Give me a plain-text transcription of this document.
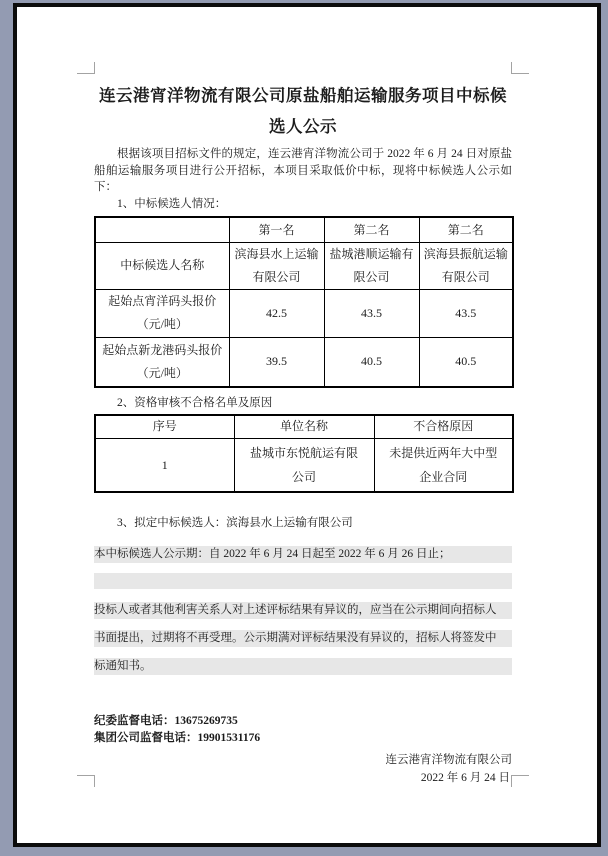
连云港宵洋物流有限公司原盐船舶运输服务项目中标候选人公示

根据该项目招标文件的规定，连云港宵洋物流公司于 2022 年 6 月 24 日对原盐船舶运输服务项目进行公开招标，本项目采取低价中标，现将中标候选人公示如下：

1、中标候选人情况：

	第一名	第二名	第二名
中标候选人名称	滨海县水上运输有限公司	盐城港顺运输有限公司	滨海县振航运输有限公司
起始点宵洋码头报价（元/吨）	42.5	43.5	43.5
起始点新龙港码头报价（元/吨）	39.5	40.5	40.5

2、资格审核不合格名单及原因

序号	单位名称	不合格原因
1	盐城市东悦航运有限公司	未提供近两年大中型企业合同

3、拟定中标候选人：滨海县水上运输有限公司

本中标候选人公示期：自 2022 年 6 月 24 日起至 2022 年 6 月 26 日止；

投标人或者其他利害关系人对上述评标结果有异议的，应当在公示期间向招标人
书面提出，过期将不再受理。公示期满对评标结果没有异议的，招标人将签发中
标通知书。

纪委监督电话：13675269735

集团公司监督电话：19901531176

连云港宵洋物流有限公司

2022 年 6 月 24 日
